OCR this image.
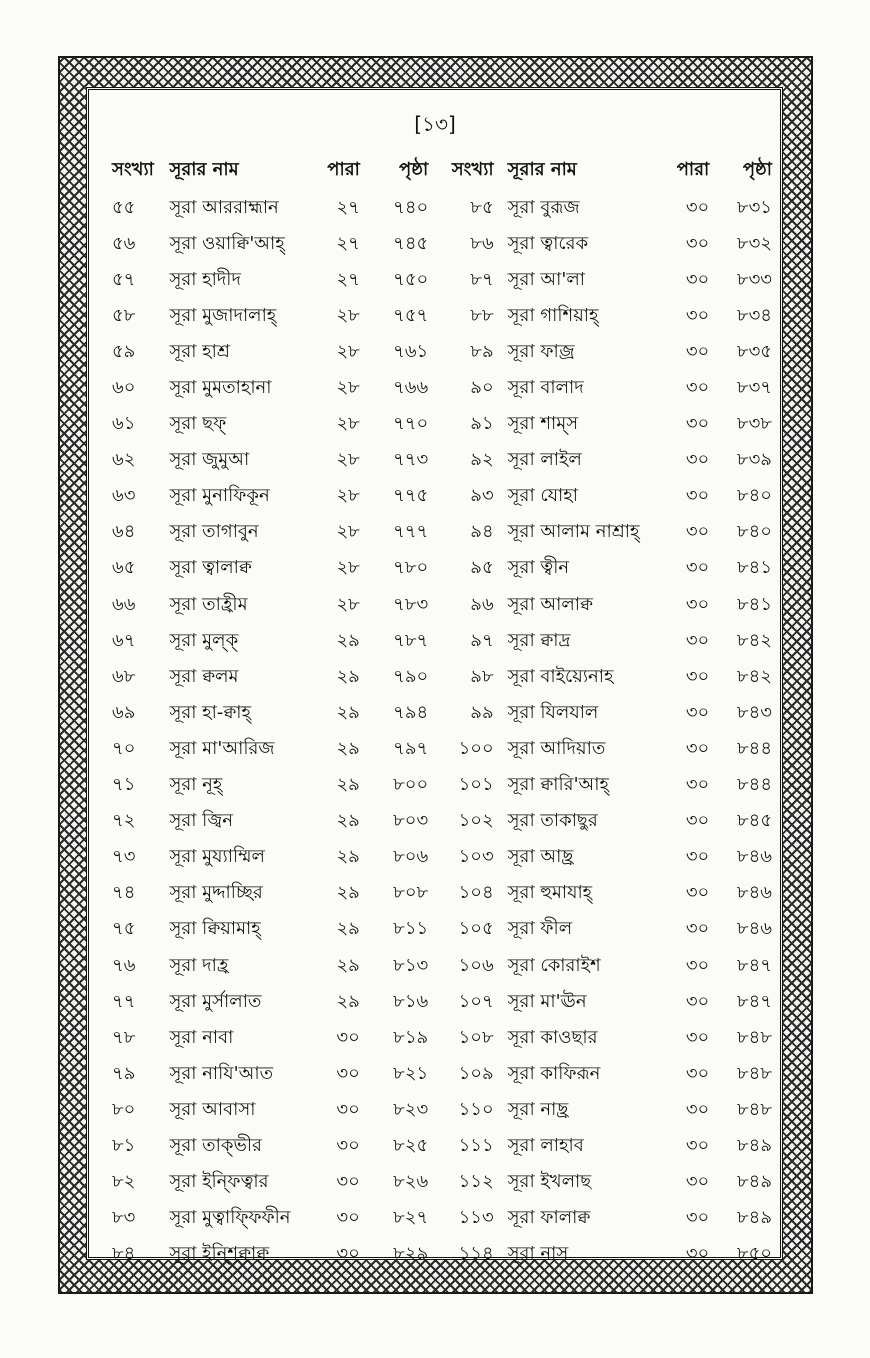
[১৩]
সংখ্যা	সূরার নাম	পারা	পৃষ্ঠা	সংখ্যা	সূরার নাম	পারা	পৃষ্ঠা
৫৫	সূরা আররাহ্মান	২৭	৭৪০	৮৫	সূরা বুরূজ	৩০	৮৩১
৫৬	সূরা ওয়াক্বি'আহ্	২৭	৭৪৫	৮৬	সূরা ত্বারেক	৩০	৮৩২
৫৭	সূরা হাদীদ	২৭	৭৫০	৮৭	সূরা আ'লা	৩০	৮৩৩
৫৮	সূরা মুজাদালাহ্	২৮	৭৫৭	৮৮	সূরা গাশিয়াহ্	৩০	৮৩৪
৫৯	সূরা হাশ্র	২৮	৭৬১	৮৯	সূরা ফাজ্র	৩০	৮৩৫
৬০	সূরা মুমতাহানা	২৮	৭৬৬	৯০	সূরা বালাদ	৩০	৮৩৭
৬১	সূরা ছফ্	২৮	৭৭০	৯১	সূরা শাম্স	৩০	৮৩৮
৬২	সূরা জুমুআ	২৮	৭৭৩	৯২	সূরা লাইল	৩০	৮৩৯
৬৩	সূরা মুনাফিকূন	২৮	৭৭৫	৯৩	সূরা যোহা	৩০	৮৪০
৬৪	সূরা তাগাবুন	২৮	৭৭৭	৯৪	সূরা আলাম নাশ্রাহ্	৩০	৮৪০
৬৫	সূরা ত্বালাক্ব	২৮	৭৮০	৯৫	সূরা ত্বীন	৩০	৮৪১
৬৬	সূরা তাহ্রীম	২৮	৭৮৩	৯৬	সূরা আলাক্ব	৩০	৮৪১
৬৭	সূরা মুল্ক্	২৯	৭৮৭	৯৭	সূরা ক্বাদ্র	৩০	৮৪২
৬৮	সূরা ক্বলম	২৯	৭৯০	৯৮	সূরা বাইয়্যেনাহ	৩০	৮৪২
৬৯	সূরা হা-ক্বাহ্	২৯	৭৯৪	৯৯	সূরা যিলযাল	৩০	৮৪৩
৭০	সূরা মা'আরিজ	২৯	৭৯৭	১০০	সূরা আদিয়াত	৩০	৮৪৪
৭১	সূরা নূহ্	২৯	৮০০	১০১	সূরা ক্বারি'আহ্	৩০	৮৪৪
৭২	সূরা জ্বিন	২৯	৮০৩	১০২	সূরা তাকাছুর	৩০	৮৪৫
৭৩	সূরা মুয্যাম্মিল	২৯	৮০৬	১০৩	সূরা আছ্র	৩০	৮৪৬
৭৪	সূরা মুদ্দাচ্ছির	২৯	৮০৮	১০৪	সূরা হুমাযাহ্	৩০	৮৪৬
৭৫	সূরা ক্বিয়ামাহ্	২৯	৮১১	১০৫	সূরা ফীল	৩০	৮৪৬
৭৬	সূরা দাহ্র	২৯	৮১৩	১০৬	সূরা কোরাইশ	৩০	৮৪৭
৭৭	সূরা মুর্সালাত	২৯	৮১৬	১০৭	সূরা মা'ঊন	৩০	৮৪৭
৭৮	সূরা নাবা	৩০	৮১৯	১০৮	সূরা কাওছার	৩০	৮৪৮
৭৯	সূরা নাযি'আত	৩০	৮২১	১০৯	সূরা কাফিরূন	৩০	৮৪৮
৮০	সূরা আবাসা	৩০	৮২৩	১১০	সূরা নাছ্র	৩০	৮৪৮
৮১	সূরা তাক্ভীর	৩০	৮২৫	১১১	সূরা লাহাব	৩০	৮৪৯
৮২	সূরা ইন্ফিত্বার	৩০	৮২৬	১১২	সূরা ইখলাছ	৩০	৮৪৯
৮৩	সূরা মুত্বাফ্ফিফীন	৩০	৮২৭	১১৩	সূরা ফালাক্ব	৩০	৮৪৯
৮৪	সূরা ইন্শিক্বাক্ব	৩০	৮২৯	১১৪	সূরা নাস	৩০	৮৫০
